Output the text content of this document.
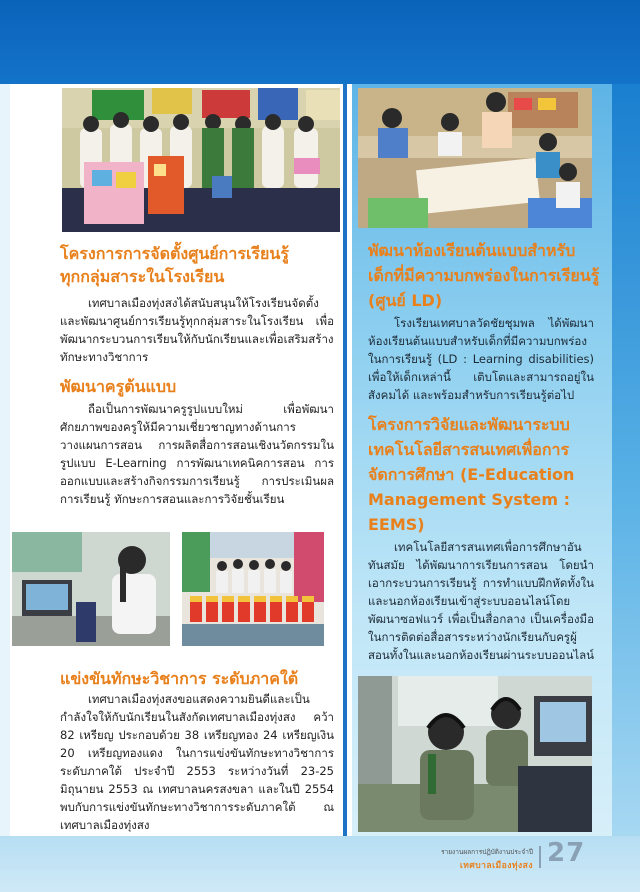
โครงการการจัดตั้งศูนย์การเรียนรู้
ทุกกลุ่มสาระในโรงเรียน

เทศบาลเมืองทุ่งสงได้สนับสนุนให้โรงเรียนจัดตั้งและพัฒนาศูนย์การเรียนรู้ทุกกลุ่มสาระในโรงเรียน เพื่อพัฒนากระบวนการเรียนให้กับนักเรียนและเพื่อเสริมสร้างทักษะทางวิชาการ

พัฒนาครูต้นแบบ

ถือเป็นการพัฒนาครูรูปแบบใหม่ เพื่อพัฒนาศักยภาพของครูให้มีความเชี่ยวชาญทางด้านการวางแผนการสอน การผลิตสื่อการสอนเชิงนวัตกรรมในรูปแบบ E-Learning การพัฒนาเทคนิคการสอน การออกแบบและสร้างกิจกรรมการเรียนรู้ การประเมินผลการเรียนรู้ ทักษะการสอนและการวิจัยชั้นเรียน

แข่งขันทักษะวิชาการ ระดับภาคใต้

เทศบาลเมืองทุ่งสงขอแสดงความยินดีและเป็นกำลังใจให้กับนักเรียนในสังกัดเทศบาลเมืองทุ่งสง คว้า 82 เหรียญ ประกอบด้วย 38 เหรียญทอง 24 เหรียญเงิน 20 เหรียญทองแดง ในการแข่งขันทักษะทางวิชาการ ระดับภาคใต้ ประจำปี 2553 ระหว่างวันที่ 23-25 มิถุนายน 2553 ณ เทศบาลนครสงขลา และในปี 2554 พบกับการแข่งขันทักษะทางวิชาการระดับภาคใต้ ณ เทศบาลเมืองทุ่งสง

พัฒนาห้องเรียนต้นแบบสำหรับเด็กที่มีความบกพร่องในการเรียนรู้ (ศูนย์ LD)

โรงเรียนเทศบาลวัดชัยชุมพล ได้พัฒนาห้องเรียนต้นแบบสำหรับเด็กที่มีความบกพร่องในการเรียนรู้ (LD : Learning disabilities) เพื่อให้เด็กเหล่านี้ เติบโตและสามารถอยู่ในสังคมได้ และพร้อมสำหรับการเรียนรู้ต่อไป

โครงการวิจัยและพัฒนาระบบเทคโนโลยีสารสนเทศเพื่อการจัดการศึกษา (E-Education Management System : EEMS)

เทคโนโลยีสารสนเทศเพื่อการศึกษาอันทันสมัย ได้พัฒนาการเรียนการสอน โดยนำเอากระบวนการเรียนรู้ การทำแบบฝึกหัดทั้งในและนอกห้องเรียนเข้าสู่ระบบออนไลน์โดยพัฒนาซอฟแวร์ เพื่อเป็นสื่อกลาง เป็นเครื่องมือในการติดต่อสื่อสารระหว่างนักเรียนกับครูผู้สอนทั้งในและนอกห้องเรียนผ่านระบบออนไลน์

รายงานผลการปฏิบัติงานประจำปี
เทศบาลเมืองทุ่งสง 27
